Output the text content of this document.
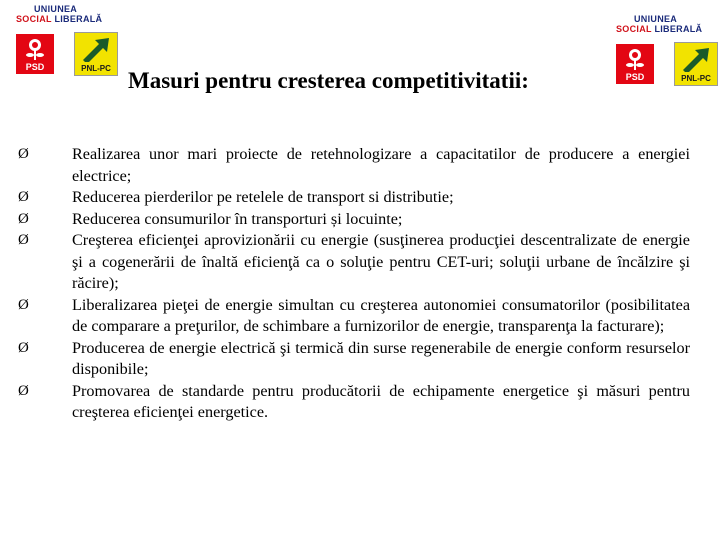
UNIUNEA
SOCIAL LIBERALĂ
PSD	PNL-PC
UNIUNEA
SOCIAL LIBERALĂ
PSD	PNL-PC
Masuri pentru cresterea competitivitatii:
Ø	Realizarea unor mari proiecte de retehnologizare a capacitatilor de producere a energiei electrice;
Ø	Reducerea pierderilor pe retelele de transport si distributie;
Ø	Reducerea consumurilor în transporturi și locuinte;
Ø	Creşterea eficienţei aprovizionării cu energie (susţinerea producţiei descentralizate de energie şi a cogenerării de înaltă eficienţă ca o soluţie pentru CET-uri; soluţii urbane de încălzire şi răcire);
Ø	Liberalizarea pieţei de energie simultan cu creşterea autonomiei consumatorilor (posibilitatea de comparare a preţurilor, de schimbare a furnizorilor de energie, transparenţa la facturare);
Ø	Producerea de energie electrică şi termică din surse regenerabile de energie conform resurselor disponibile;
Ø	Promovarea de standarde pentru producătorii de echipamente energetice şi măsuri pentru creşterea eficienţei energetice.
